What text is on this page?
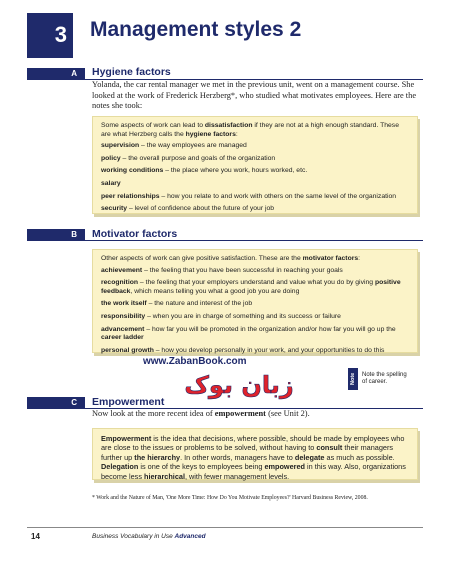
3 Management styles 2
A	Hygiene factors
Yolanda, the car rental manager we met in the previous unit, went on a management course. She looked at the work of Frederick Herzberg*, who studied what motivates employees. Here are the notes she took:

Some aspects of work can lead to dissatisfaction if they are not at a high enough standard. These are what Herzberg calls the hygiene factors:

supervision – the way employees are managed

policy – the overall purpose and goals of the organization

working conditions – the place where you work, hours worked, etc.

salary

peer relationships – how you relate to and work with others on the same level of the organization

security – level of confidence about the future of your job

B	Motivator factors

Other aspects of work can give positive satisfaction. These are the motivator factors:

achievement – the feeling that you have been successful in reaching your goals

recognition – the feeling that your employers understand and value what you do by giving positive feedback, which means telling you what a good job you are doing

the work itself – the nature and interest of the job

responsibility – when you are in charge of something and its success or failure

advancement – how far you will be promoted in the organization and/or how far you will go up the career ladder

personal growth – how you develop personally in your work, and your opportunities to do this

www.ZabanBook.com
زبان بوک	Note	Note the spelling of career.
C	Empowerment
Now look at the more recent idea of empowerment (see Unit 2).

Empowerment is the idea that decisions, where possible, should be made by employees who are close to the issues or problems to be solved, without having to consult their managers further up the hierarchy. In other words, managers have to delegate as much as possible. Delegation is one of the keys to employees being empowered in this way. Also, organizations become less hierarchical, with fewer management levels.

* Work and the Nature of Man, 'One More Time: How Do You Motivate Employees?' Harvard Business Review, 2008.
14	Business Vocabulary in Use Advanced
